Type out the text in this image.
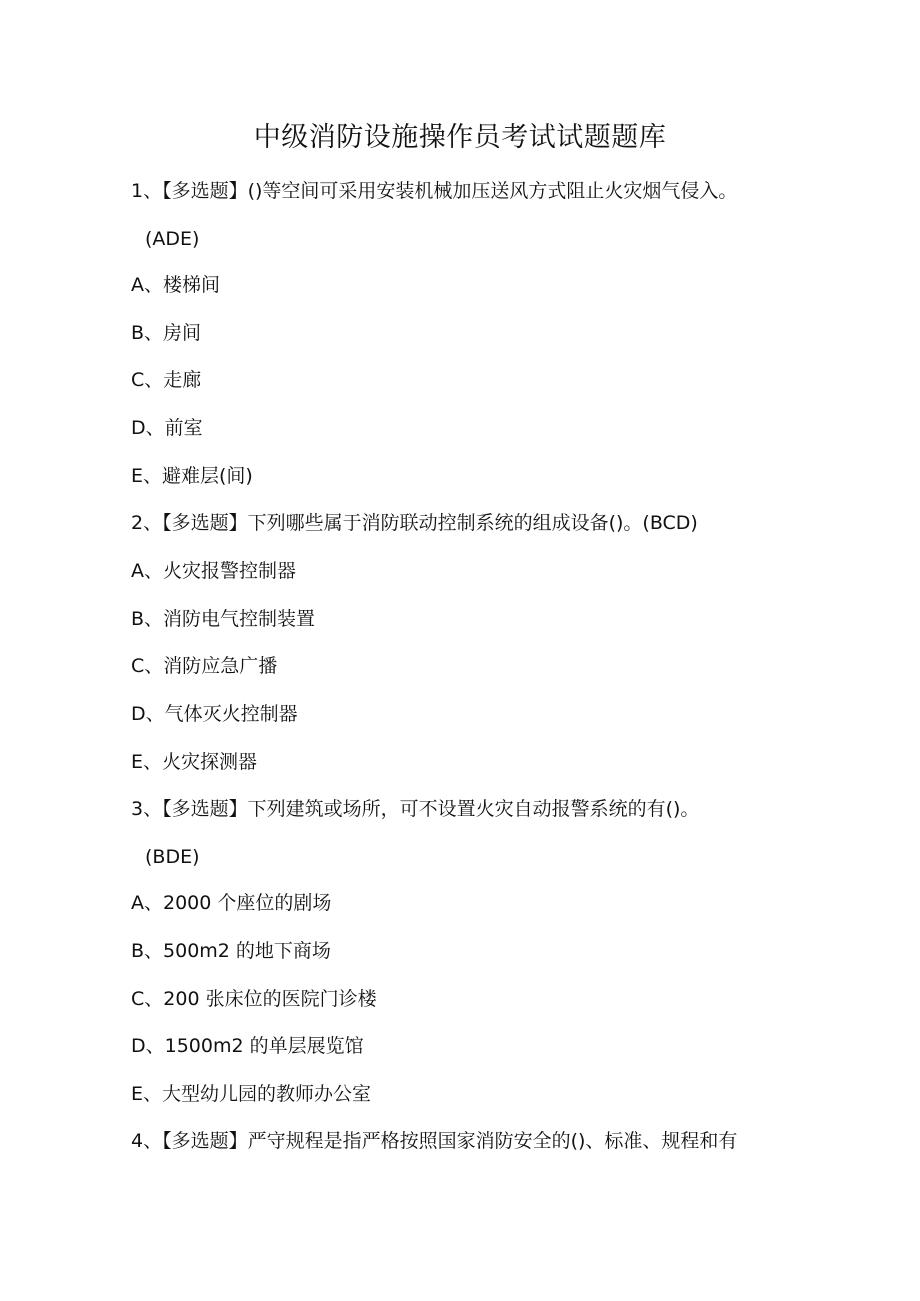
中级消防设施操作员考试试题题库
1、【多选题】()等空间可采用安装机械加压送风方式阻止火灾烟气侵入。
(ADE)
A、楼梯间
B、房间
C、走廊
D、前室
E、避难层(间)
2、【多选题】下列哪些属于消防联动控制系统的组成设备()。(BCD)
A、火灾报警控制器
B、消防电气控制装置
C、消防应急广播
D、气体灭火控制器
E、火灾探测器
3、【多选题】下列建筑或场所，可不设置火灾自动报警系统的有()。
(BDE)
A、2000 个座位的剧场
B、500m2 的地下商场
C、200 张床位的医院门诊楼
D、1500m2 的单层展览馆
E、大型幼儿园的教师办公室
4、【多选题】严守规程是指严格按照国家消防安全的()、标准、规程和有
